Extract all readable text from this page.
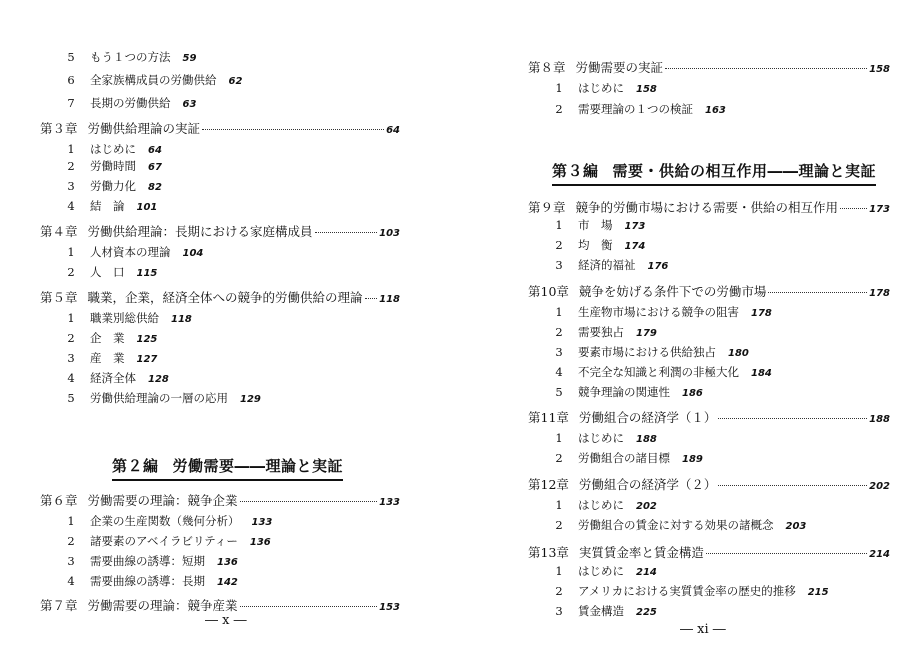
5 もう１つの方法 59
6 全家族構成員の労働供給 62
7 長期の労働供給 63
第３章 労働供給理論の実証	64
1 はじめに 64
2 労働時間 67
3 労働力化 82
4 結　論 101
第４章 労働供給理論：長期における家庭構成員	103
1 人材資本の理論 104
2 人　口 115
第５章 職業，企業，経済全体への競争的労働供給の理論 118
1 職業別総供給 118
2 企　業 125
3 産　業 127
4 経済全体 128
5 労働供給理論の一層の応用 129
第６章 労働需要の理論：競争企業	133
1 企業の生産関数（幾何分析） 133
2 諸要素のアベイラビリティー 136
3 需要曲線の誘導：短期 136
4 需要曲線の誘導：長期 142
第７章 労働需要の理論：競争産業	153
第２編 労働需要――理論と実証
― x ―
第８章 労働需要の実証	158
1 はじめに 158
2 需要理論の１つの検証 163
第９章 競争的労働市場における需要・供給の相互作用	173
1 市　場 173
2 均　衡 174
3 経済的福祉 176
第10章 競争を妨げる条件下での労働市場	178
1 生産物市場における競争の阻害 178
2 需要独占 179
3 要素市場における供給独占 180
4 不完全な知識と利潤の非極大化 184
5 競争理論の関連性 186
第11章 労働組合の経済学（１）	188
1 はじめに 188
2 労働組合の諸目標 189
第12章 労働組合の経済学（２）	202
1 はじめに 202
2 労働組合の賃金に対する効果の諸概念 203
第13章 実質賃金率と賃金構造	214
1 はじめに 214
2 アメリカにおける実質賃金率の歴史的推移 215
3 賃金構造 225
第３編 需要・供給の相互作用――理論と実証
― xi ―
